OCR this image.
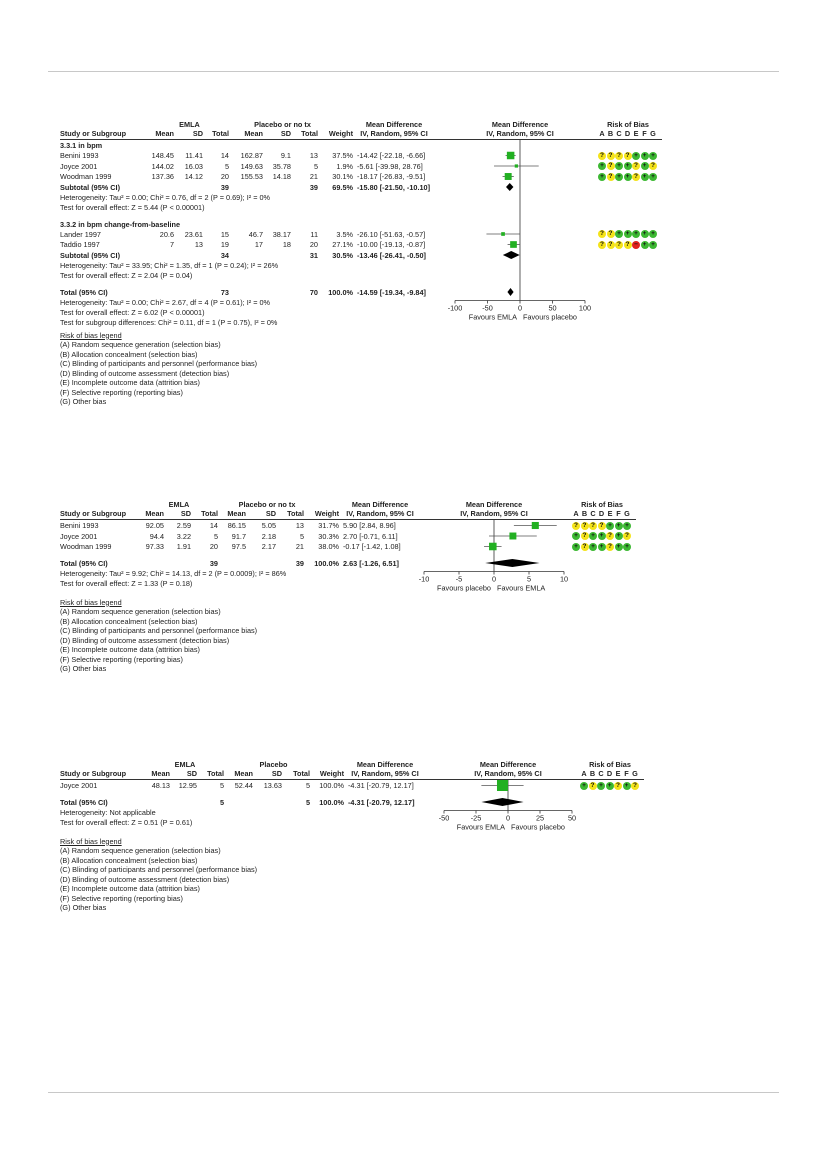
EMLA	Placebo or no tx	Mean Difference	Mean Difference	Risk of Bias
Study or Subgroup	Mean	SD	Total	Mean	SD	Total	Weight IV, Random, 95% CI	IV, Random, 95% CI	A B C D E F G
3.3.1 in bpm
Benini 1993	148.45	11.41	14	162.87	9.1	13	37.5% -14.42 [-22.18, -6.66]	? ? ? ? + + +
Joyce 2001	144.02	16.03	5	149.63	35.78	5	1.9% -5.61 [-39.98, 28.76]	+ ? + + ? + ?
Woodman 1999	137.36	14.12	20	155.53	14.18	21	30.1% -18.17 [-26.83, -9.51]	+ ? + + ? + +
Subtotal (95% CI)	39	39	69.5% -15.80 [-21.50, -10.10]
Heterogeneity: Tau² = 0.00; Chi² = 0.76, df = 2 (P = 0.69); I² = 0%
Test for overall effect: Z = 5.44 (P < 0.00001)
3.3.2 in bpm change-from-baseline
Lander 1997	20.6	23.61	15	46.7	38.17	11	3.5% -26.10 [-51.63, -0.57]	? ? + + + + +
Taddio 1997	7	13	19	17	18	20	27.1% -10.00 [-19.13, -0.87]	? ? ? ? − + +
Subtotal (95% CI)	34	31	30.5% -13.46 [-26.41, -0.50]
Heterogeneity: Tau² = 33.95; Chi² = 1.35, df = 1 (P = 0.24); I² = 26%
Test for overall effect: Z = 2.04 (P = 0.04)
Total (95% CI)	73	70	100.0% -14.59 [-19.34, -9.84]
Heterogeneity: Tau² = 0.00; Chi² = 2.67, df = 4 (P = 0.61); I² = 0%
Test for overall effect: Z = 6.02 (P < 0.00001)
Test for subgroup differences: Chi² = 0.11, df = 1 (P = 0.75), I² = 0%
-100	-50	0	50	100
Favours EMLA Favours placebo
Risk of bias legend
(A) Random sequence generation (selection bias)
(B) Allocation concealment (selection bias)
(C) Blinding of participants and personnel (performance bias)
(D) Blinding of outcome assessment (detection bias)
(E) Incomplete outcome data (attrition bias)
(F) Selective reporting (reporting bias)
(G) Other bias
EMLA	Placebo or no tx	Mean Difference	Mean Difference	Risk of Bias
Study or Subgroup	Mean	SD	Total	Mean	SD	Total	Weight IV, Random, 95% CI	IV, Random, 95% CI	A B C D E F G
Benini 1993	92.05	2.59	14	86.15	5.05	13	31.7% 5.90 [2.84, 8.96]	? ? ? ? + + +
Joyce 2001	94.4	3.22	5	91.7	2.18	5	30.3% 2.70 [-0.71, 6.11]	+ ? + + ? + ?
Woodman 1999	97.33	1.91	20	97.5	2.17	21	38.0% -0.17 [-1.42, 1.08]	+ ? + + ? + +
Total (95% CI)	39	39	100.0% 2.63 [-1.26, 6.51]
Heterogeneity: Tau² = 9.92; Chi² = 14.13, df = 2 (P = 0.0009); I² = 86%
Test for overall effect: Z = 1.33 (P = 0.18)	-10	-5	0	5	10
Favours placebo Favours EMLA
Risk of bias legend
(A) Random sequence generation (selection bias)
(B) Allocation concealment (selection bias)
(C) Blinding of participants and personnel (performance bias)
(D) Blinding of outcome assessment (detection bias)
(E) Incomplete outcome data (attrition bias)
(F) Selective reporting (reporting bias)
(G) Other bias
EMLA	Placebo	Mean Difference	Mean Difference	Risk of Bias
Study or Subgroup	Mean	SD	Total	Mean	SD	Total	Weight IV, Random, 95% CI	IV, Random, 95% CI	A B C D E F G
Joyce 2001	48.13	12.95	5	52.44	13.63	5	100.0% -4.31 [-20.79, 12.17]	+ ? + + ? + ?
Total (95% CI)	5	5	100.0% -4.31 [-20.79, 12.17]
Heterogeneity: Not applicable
Test for overall effect: Z = 0.51 (P = 0.61)	-50	-25	0	25	50
Favours EMLA Favours placebo
Risk of bias legend
(A) Random sequence generation (selection bias)
(B) Allocation concealment (selection bias)
(C) Blinding of participants and personnel (performance bias)
(D) Blinding of outcome assessment (detection bias)
(E) Incomplete outcome data (attrition bias)
(F) Selective reporting (reporting bias)
(G) Other bias
